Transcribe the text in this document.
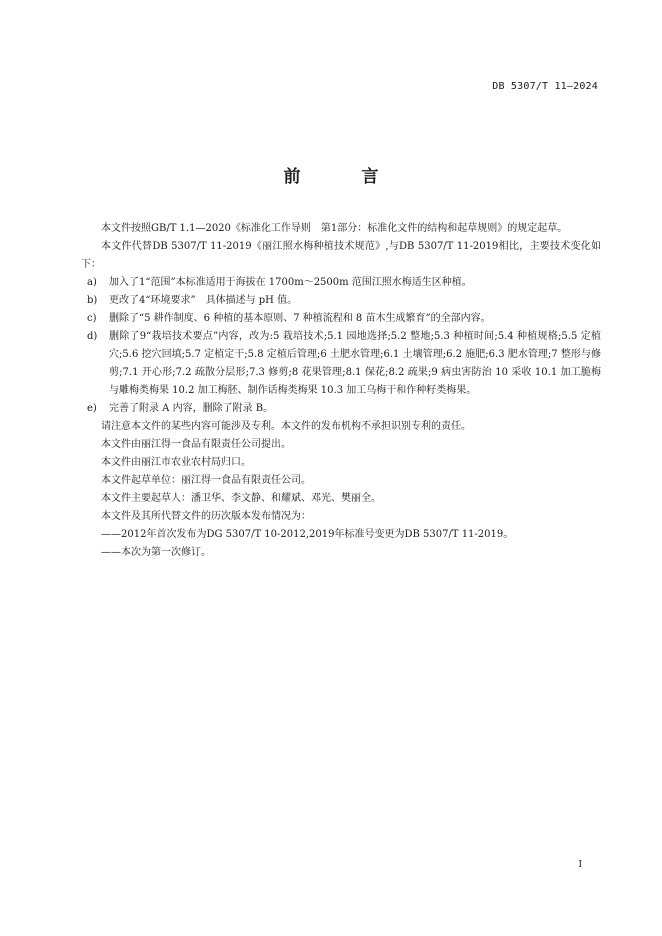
DB 5307/T 11—2024
前　言

本文件按照GB/T 1.1—2020《标准化工作导则　第1部分：标准化文件的结构和起草规则》的规定起草。

本文件代替DB 5307/T 11-2019《丽江照水梅种植技术规范》,与DB 5307/T 11-2019相比，主要技术变化如下：

a)	加入了1“范围”本标准适用于海拔在 1700m～2500m 范围江照水梅适生区种植。
b)	更改了4“环境要求”　具体描述与 pH 值。
c)	删除了“5 耕作制度、6 种植的基本原则、7 种植流程和 8 苗木生成繁育”的全部内容。
d)	删除了9“栽培技术要点”内容，改为:5 栽培技术;5.1 园地选择;5.2 整地;5.3 种植时间;5.4 种植规格;5.5 定植穴;5.6 挖穴回填;5.7 定植定干;5.8 定植后管理;6 土肥水管理;6.1 土壤管理;6.2 施肥;6.3 肥水管理;7 整形与修剪;7.1 开心形;7.2 疏散分层形;7.3 修剪;8 花果管理;8.1 保花;8.2 疏果;9 病虫害防治 10 采收 10.1 加工脆梅与雕梅类梅果 10.2 加工梅胚、制作话梅类梅果 10.3 加工乌梅干和作种籽类梅果。
e)	完善了附录 A 内容，删除了附录 B。

请注意本文件的某些内容可能涉及专利。本文件的发布机构不承担识别专利的责任。

本文件由丽江得一食品有限责任公司提出。

本文件由丽江市农业农村局归口。

本文件起草单位：丽江得一食品有限责任公司。

本文件主要起草人：潘卫华、李文静、和耀斌、邓光、樊丽全。

本文件及其所代替文件的历次版本发布情况为：

——2012年首次发布为DG 5307/T 10-2012,2019年标准号变更为DB 5307/T 11-2019。

——本次为第一次修订。

I
